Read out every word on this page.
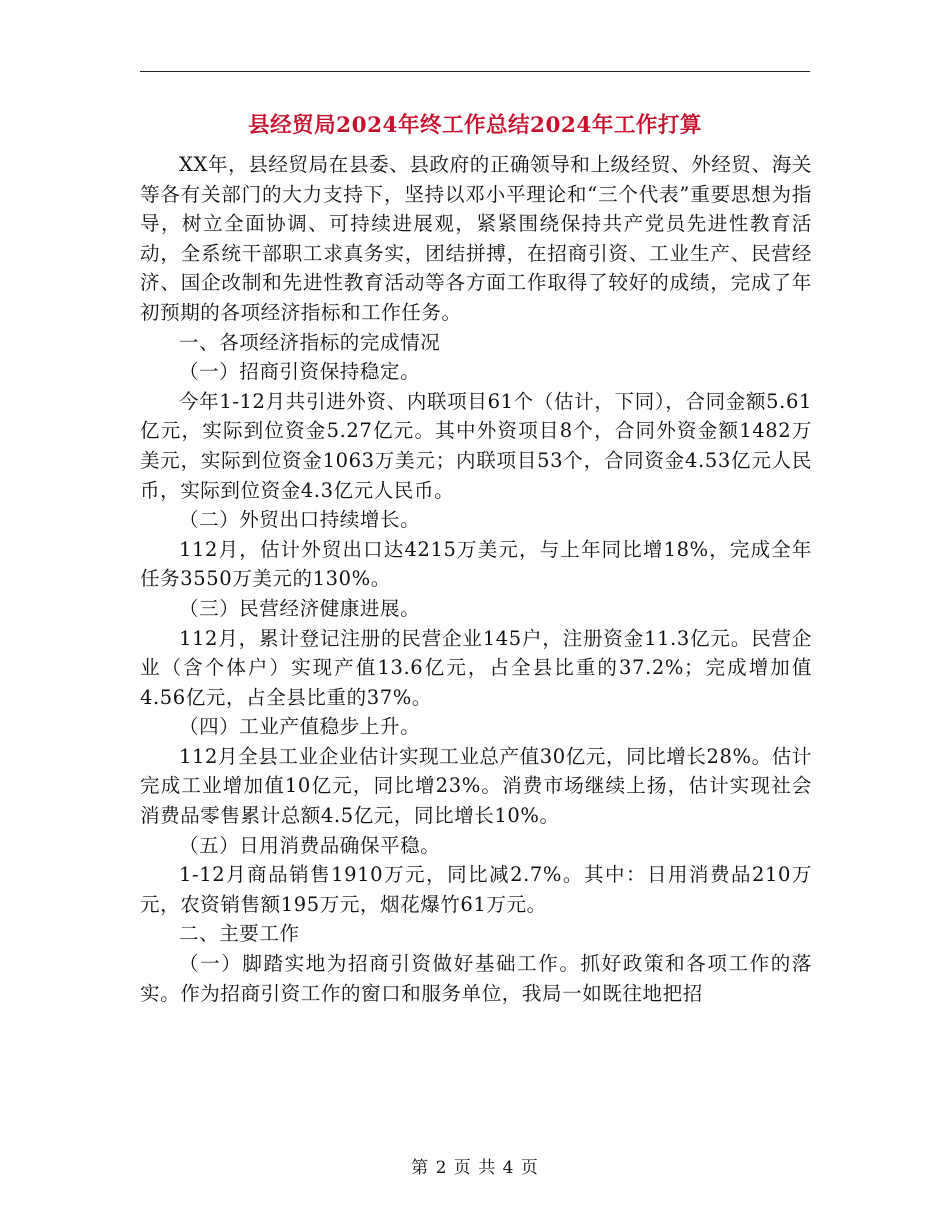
县经贸局2024年终工作总结2024年工作打算

XX年，县经贸局在县委、县政府的正确领导和上级经贸、外经贸、海关等各有关部门的大力支持下，坚持以邓小平理论和“三个代表”重要思想为指导，树立全面协调、可持续进展观，紧紧围绕保持共产党员先进性教育活动，全系统干部职工求真务实，团结拼搏，在招商引资、工业生产、民营经济、国企改制和先进性教育活动等各方面工作取得了较好的成绩，完成了年初预期的各项经济指标和工作任务。

一、各项经济指标的完成情况

（一）招商引资保持稳定。

今年1-12月共引进外资、内联项目61个（估计，下同），合同金额5.61亿元，实际到位资金5.27亿元。其中外资项目8个，合同外资金额1482万美元，实际到位资金1063万美元；内联项目53个，合同资金4.53亿元人民币，实际到位资金4.3亿元人民币。

（二）外贸出口持续增长。

112月，估计外贸出口达4215万美元，与上年同比增18%，完成全年任务3550万美元的130%。

（三）民营经济健康进展。

112月，累计登记注册的民营企业145户，注册资金11.3亿元。民营企业（含个体户）实现产值13.6亿元，占全县比重的37.2%；完成增加值4.56亿元，占全县比重的37%。

（四）工业产值稳步上升。

112月全县工业企业估计实现工业总产值30亿元，同比增长28%。估计完成工业增加值10亿元，同比增23%。消费市场继续上扬，估计实现社会消费品零售累计总额4.5亿元，同比增长10%。

（五）日用消费品确保平稳。

1-12月商品销售1910万元，同比减2.7%。其中：日用消费品210万元，农资销售额195万元，烟花爆竹61万元。

二、主要工作

（一）脚踏实地为招商引资做好基础工作。抓好政策和各项工作的落实。作为招商引资工作的窗口和服务单位，我局一如既往地把招

第 2 页 共 4 页
